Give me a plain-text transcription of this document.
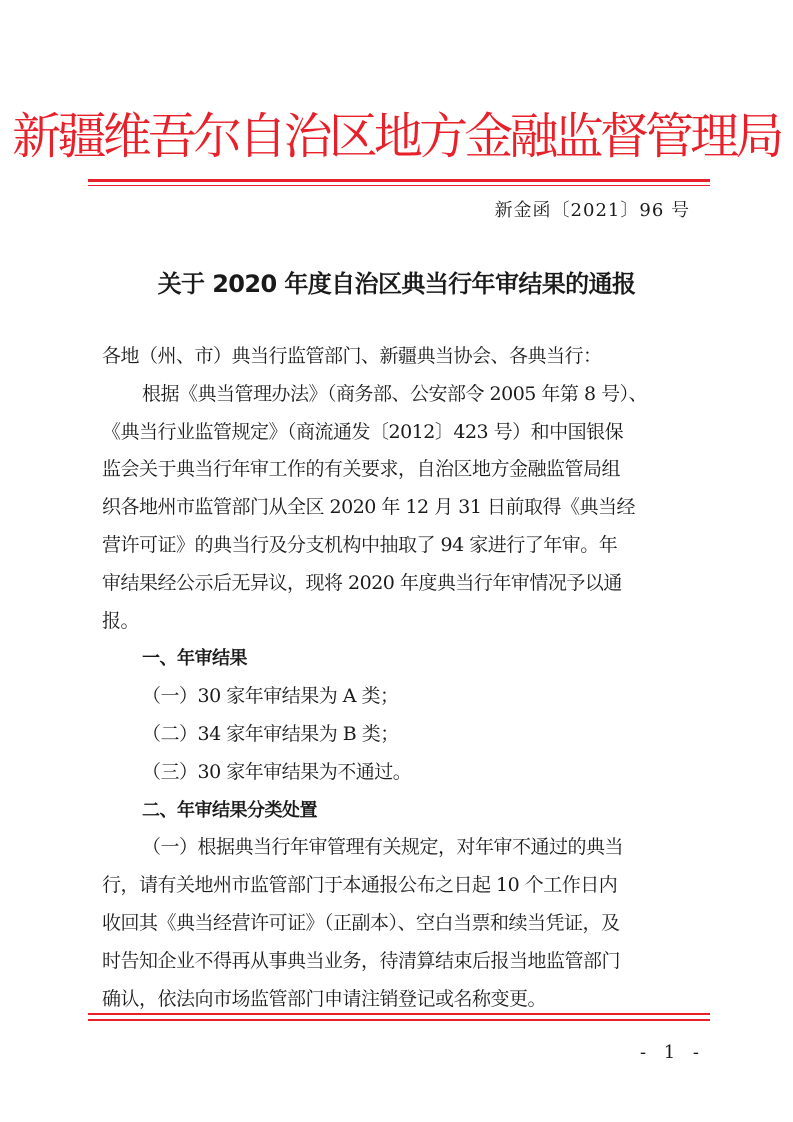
新疆维吾尔自治区地方金融监督管理局
新金函〔2021〕96 号
关于 2020 年度自治区典当行年审结果的通报
各地（州、市）典当行监管部门、新疆典当协会、各典当行：
根据《典当管理办法》（商务部、公安部令 2005 年第 8 号）、
《典当行业监管规定》（商流通发〔2012〕423 号）和中国银保
监会关于典当行年审工作的有关要求，自治区地方金融监管局组
织各地州市监管部门从全区 2020 年 12 月 31 日前取得《典当经
营许可证》的典当行及分支机构中抽取了 94 家进行了年审。年
审结果经公示后无异议，现将 2020 年度典当行年审情况予以通
报。
一、年审结果
（一）30 家年审结果为 A 类；
（二）34 家年审结果为 B 类；
（三）30 家年审结果为不通过。
二、年审结果分类处置
（一）根据典当行年审管理有关规定，对年审不通过的典当
行，请有关地州市监管部门于本通报公布之日起 10 个工作日内
收回其《典当经营许可证》（正副本）、空白当票和续当凭证，及
时告知企业不得再从事典当业务，待清算结束后报当地监管部门
确认，依法向市场监管部门申请注销登记或名称变更。
- 1 -
